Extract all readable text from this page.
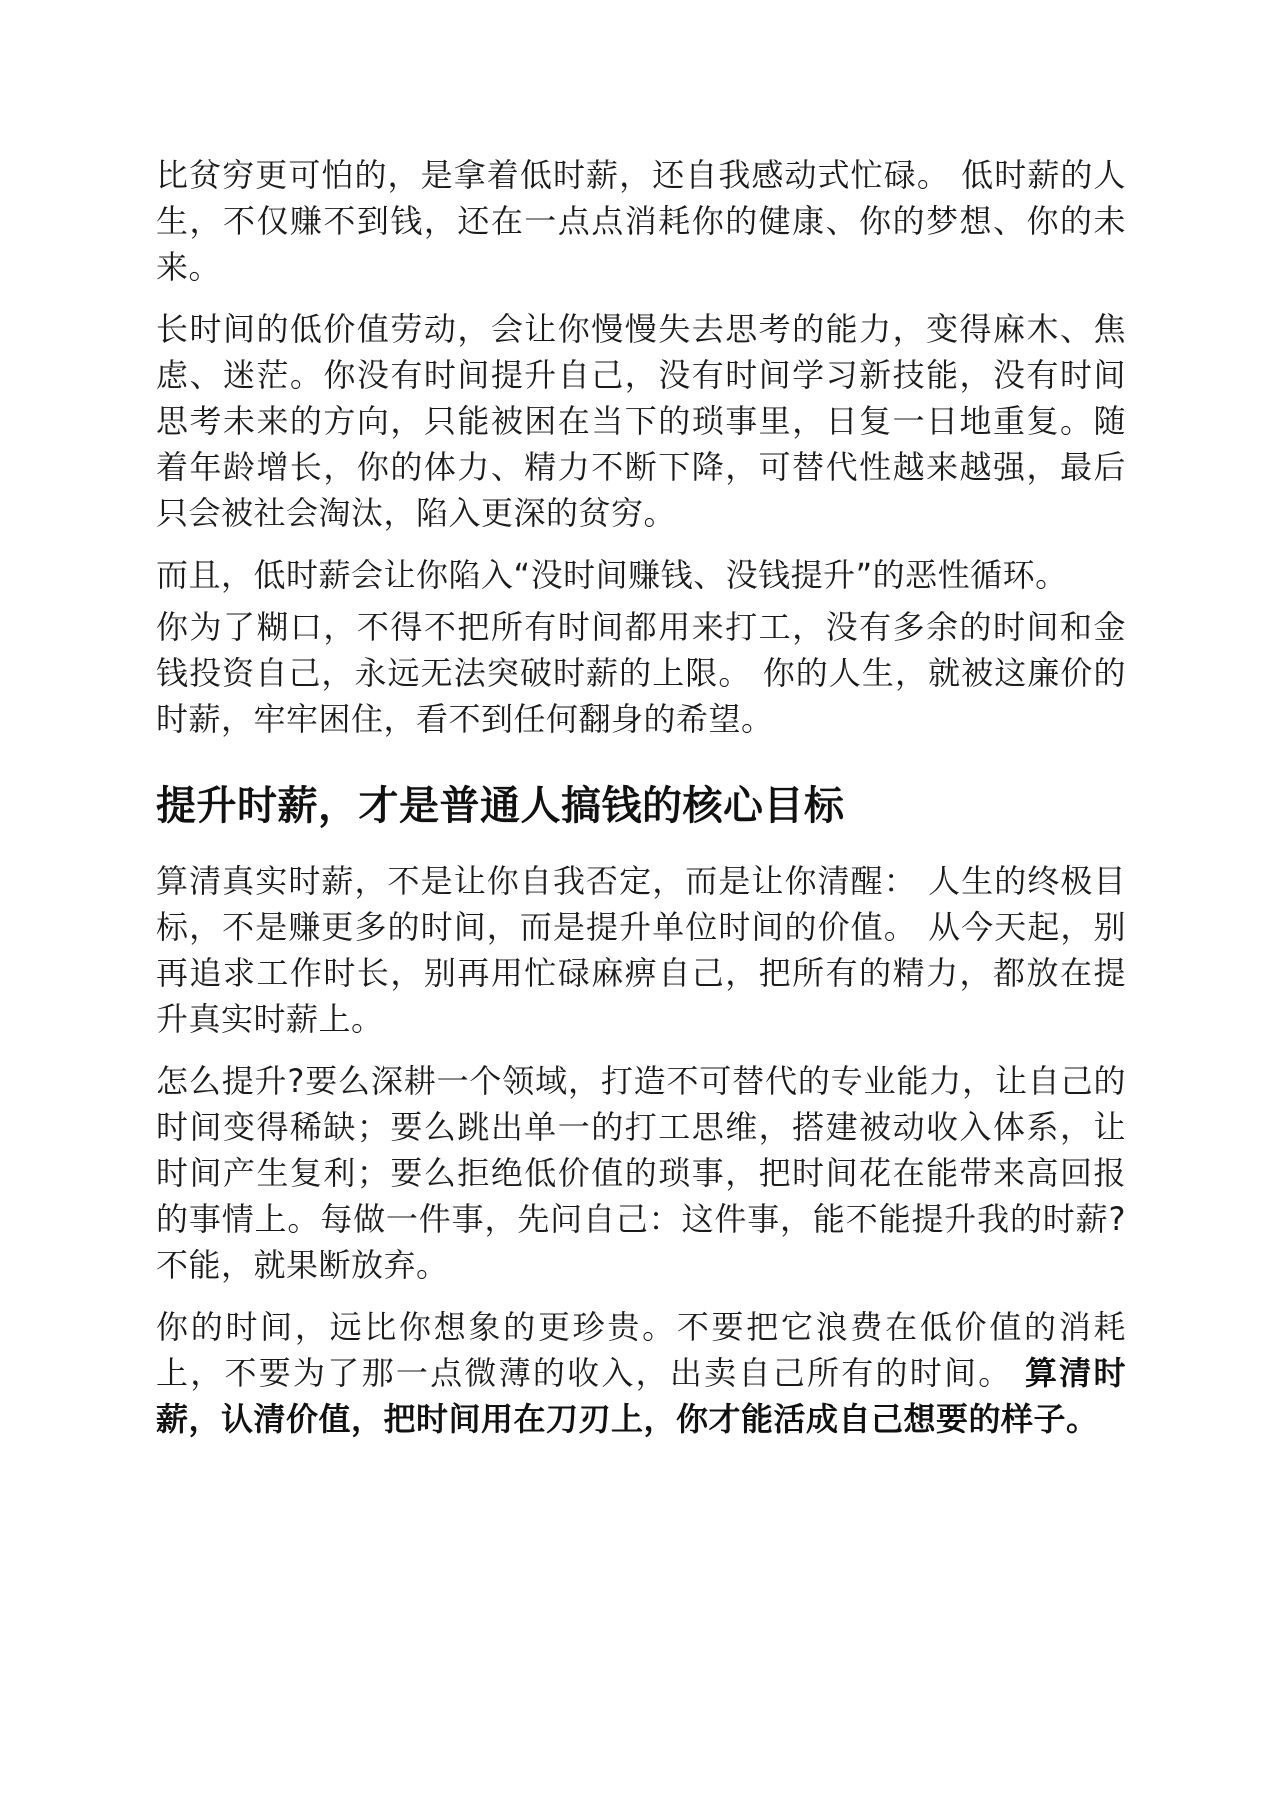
比贫穷更可怕的，是拿着低时薪，还自我感动式忙碌。 低时薪的人生，不仅赚不到钱，还在一点点消耗你的健康、你的梦想、你的未来。

长时间的低价值劳动，会让你慢慢失去思考的能力，变得麻木、焦虑、迷茫。你没有时间提升自己，没有时间学习新技能，没有时间思考未来的方向，只能被困在当下的琐事里，日复一日地重复。随着年龄增长，你的体力、精力不断下降，可替代性越来越强，最后只会被社会淘汰，陷入更深的贫穷。

而且，低时薪会让你陷入“没时间赚钱、没钱提升”的恶性循环。

你为了糊口，不得不把所有时间都用来打工，没有多余的时间和金钱投资自己，永远无法突破时薪的上限。 你的人生，就被这廉价的时薪，牢牢困住，看不到任何翻身的希望。

提升时薪，才是普通人搞钱的核心目标

算清真实时薪，不是让你自我否定，而是让你清醒： 人生的终极目标，不是赚更多的时间，而是提升单位时间的价值。 从今天起，别再追求工作时长，别再用忙碌麻痹自己，把所有的精力，都放在提升真实时薪上。

怎么提升?要么深耕一个领域，打造不可替代的专业能力，让自己的时间变得稀缺；要么跳出单一的打工思维，搭建被动收入体系，让时间产生复利；要么拒绝低价值的琐事，把时间花在能带来高回报的事情上。每做一件事，先问自己：这件事，能不能提升我的时薪?不能，就果断放弃。

你的时间，远比你想象的更珍贵。不要把它浪费在低价值的消耗上，不要为了那一点微薄的收入，出卖自己所有的时间。 算清时薪，认清价值，把时间用在刀刃上，你才能活成自己想要的样子。
